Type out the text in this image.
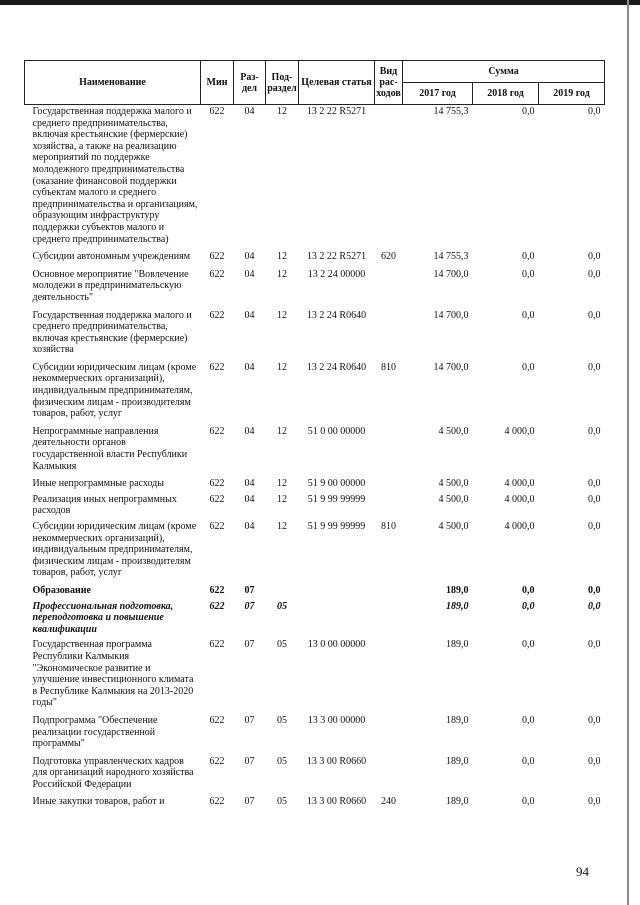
Наименование	Мин	Раз-дел	Под-раздел	Целевая статья	Вид рас-ходов	Сумма		
						2017 год	2018 год	2019 год
Государственная поддержка малого и среднего предпринимательства, включая крестьянские (фермерские) хозяйства, а также на реализацию мероприятий по поддержке молодежного предпринимательства (оказание финансовой поддержки субъектам малого и среднего предпринимательства и организациям, образующим инфраструктуру поддержки субъектов малого и среднего предпринимательства)	622	04	12	13 2 22 R5271		14 755,3	0,0	0,0
Субсидии автономным учреждениям	622	04	12	13 2 22 R5271	620	14 755,3	0,0	0,0
Основное мероприятие "Вовлечение молодежи в предпринимательскую деятельность"	622	04	12	13 2 24 00000		14 700,0	0,0	0,0
Государственная поддержка малого и среднего предпринимательства, включая крестьянские (фермерские) хозяйства	622	04	12	13 2 24 R0640		14 700,0	0,0	0,0
Субсидии юридическим лицам (кроме некоммерческих организаций), индивидуальным предпринимателям, физическим лицам - производителям товаров, работ, услуг	622	04	12	13 2 24 R0640	810	14 700,0	0,0	0,0
Непрограммные направления деятельности органов государственной власти Республики Калмыкия	622	04	12	51 0 00 00000		4 500,0	4 000,0	0,0
Иные непрограммные расходы	622	04	12	51 9 00 00000		4 500,0	4 000,0	0,0
Реализация иных непрограммных расходов	622	04	12	51 9 99 99999		4 500,0	4 000,0	0,0
Субсидии юридическим лицам (кроме некоммерческих организаций), индивидуальным предпринимателям, физическим лицам - производителям товаров, работ, услуг	622	04	12	51 9 99 99999	810	4 500,0	4 000,0	0,0
Образование	622	07				189,0	0,0	0,0
Профессиональная подготовка, переподготовка и повышение квалификации	622	07	05			189,0	0,0	0,0
Государственная программа Республики Калмыкия "Экономическое развитие и улучшение инвестиционного климата в Республике Калмыкия на 2013-2020 годы"	622	07	05	13 0 00 00000		189,0	0,0	0,0
Подпрограмма "Обеспечение реализации государственной программы"	622	07	05	13 3 00 00000		189,0	0,0	0,0
Подготовка управленческих кадров для организаций народного хозяйства Российской Федерации	622	07	05	13 3 00 R0660		189,0	0,0	0,0
Иные закупки товаров, работ и	622	07	05	13 3 00 R0660	240	189,0	0,0	0,0
94
